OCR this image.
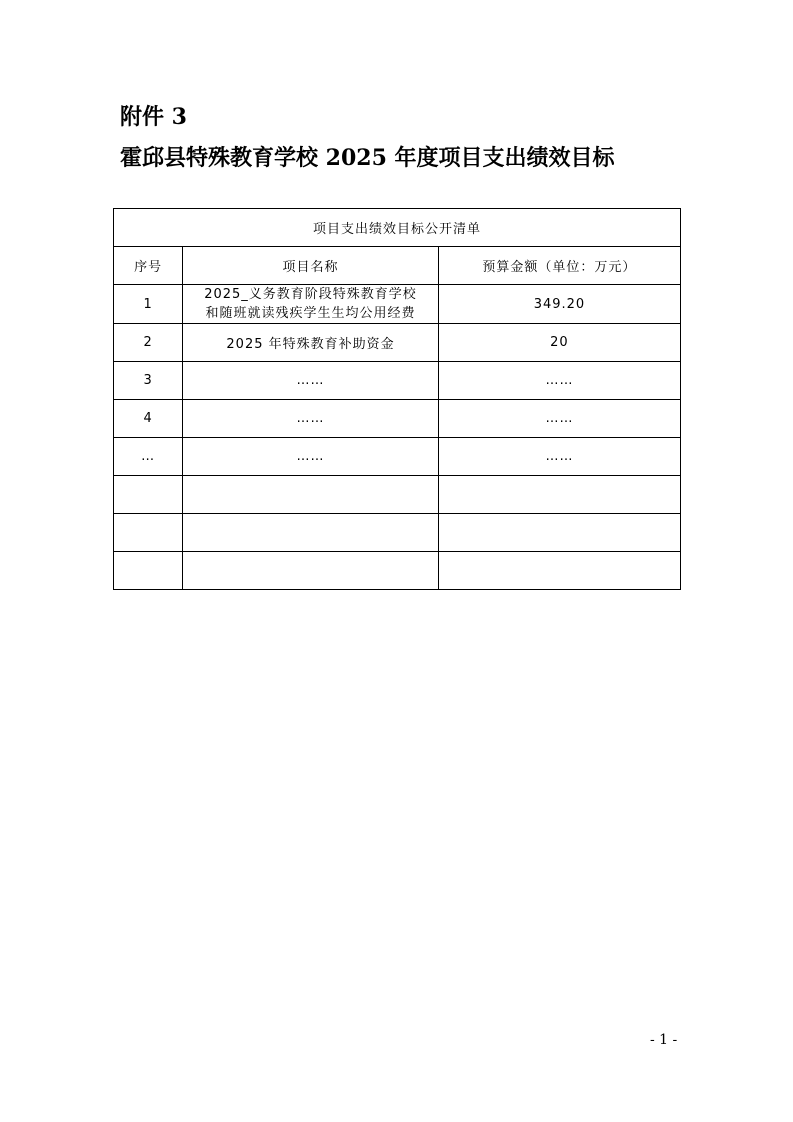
附件 3
霍邱县特殊教育学校 2025 年度项目支出绩效目标
项目支出绩效目标公开清单		
序号	项目名称	预算金额（单位：万元）
1	2025_义务教育阶段特殊教育学校
和随班就读残疾学生生均公用经费	349.20
2	2025 年特殊教育补助资金	20
3	……	……
4	……	……
…	……	……

- 1 -
